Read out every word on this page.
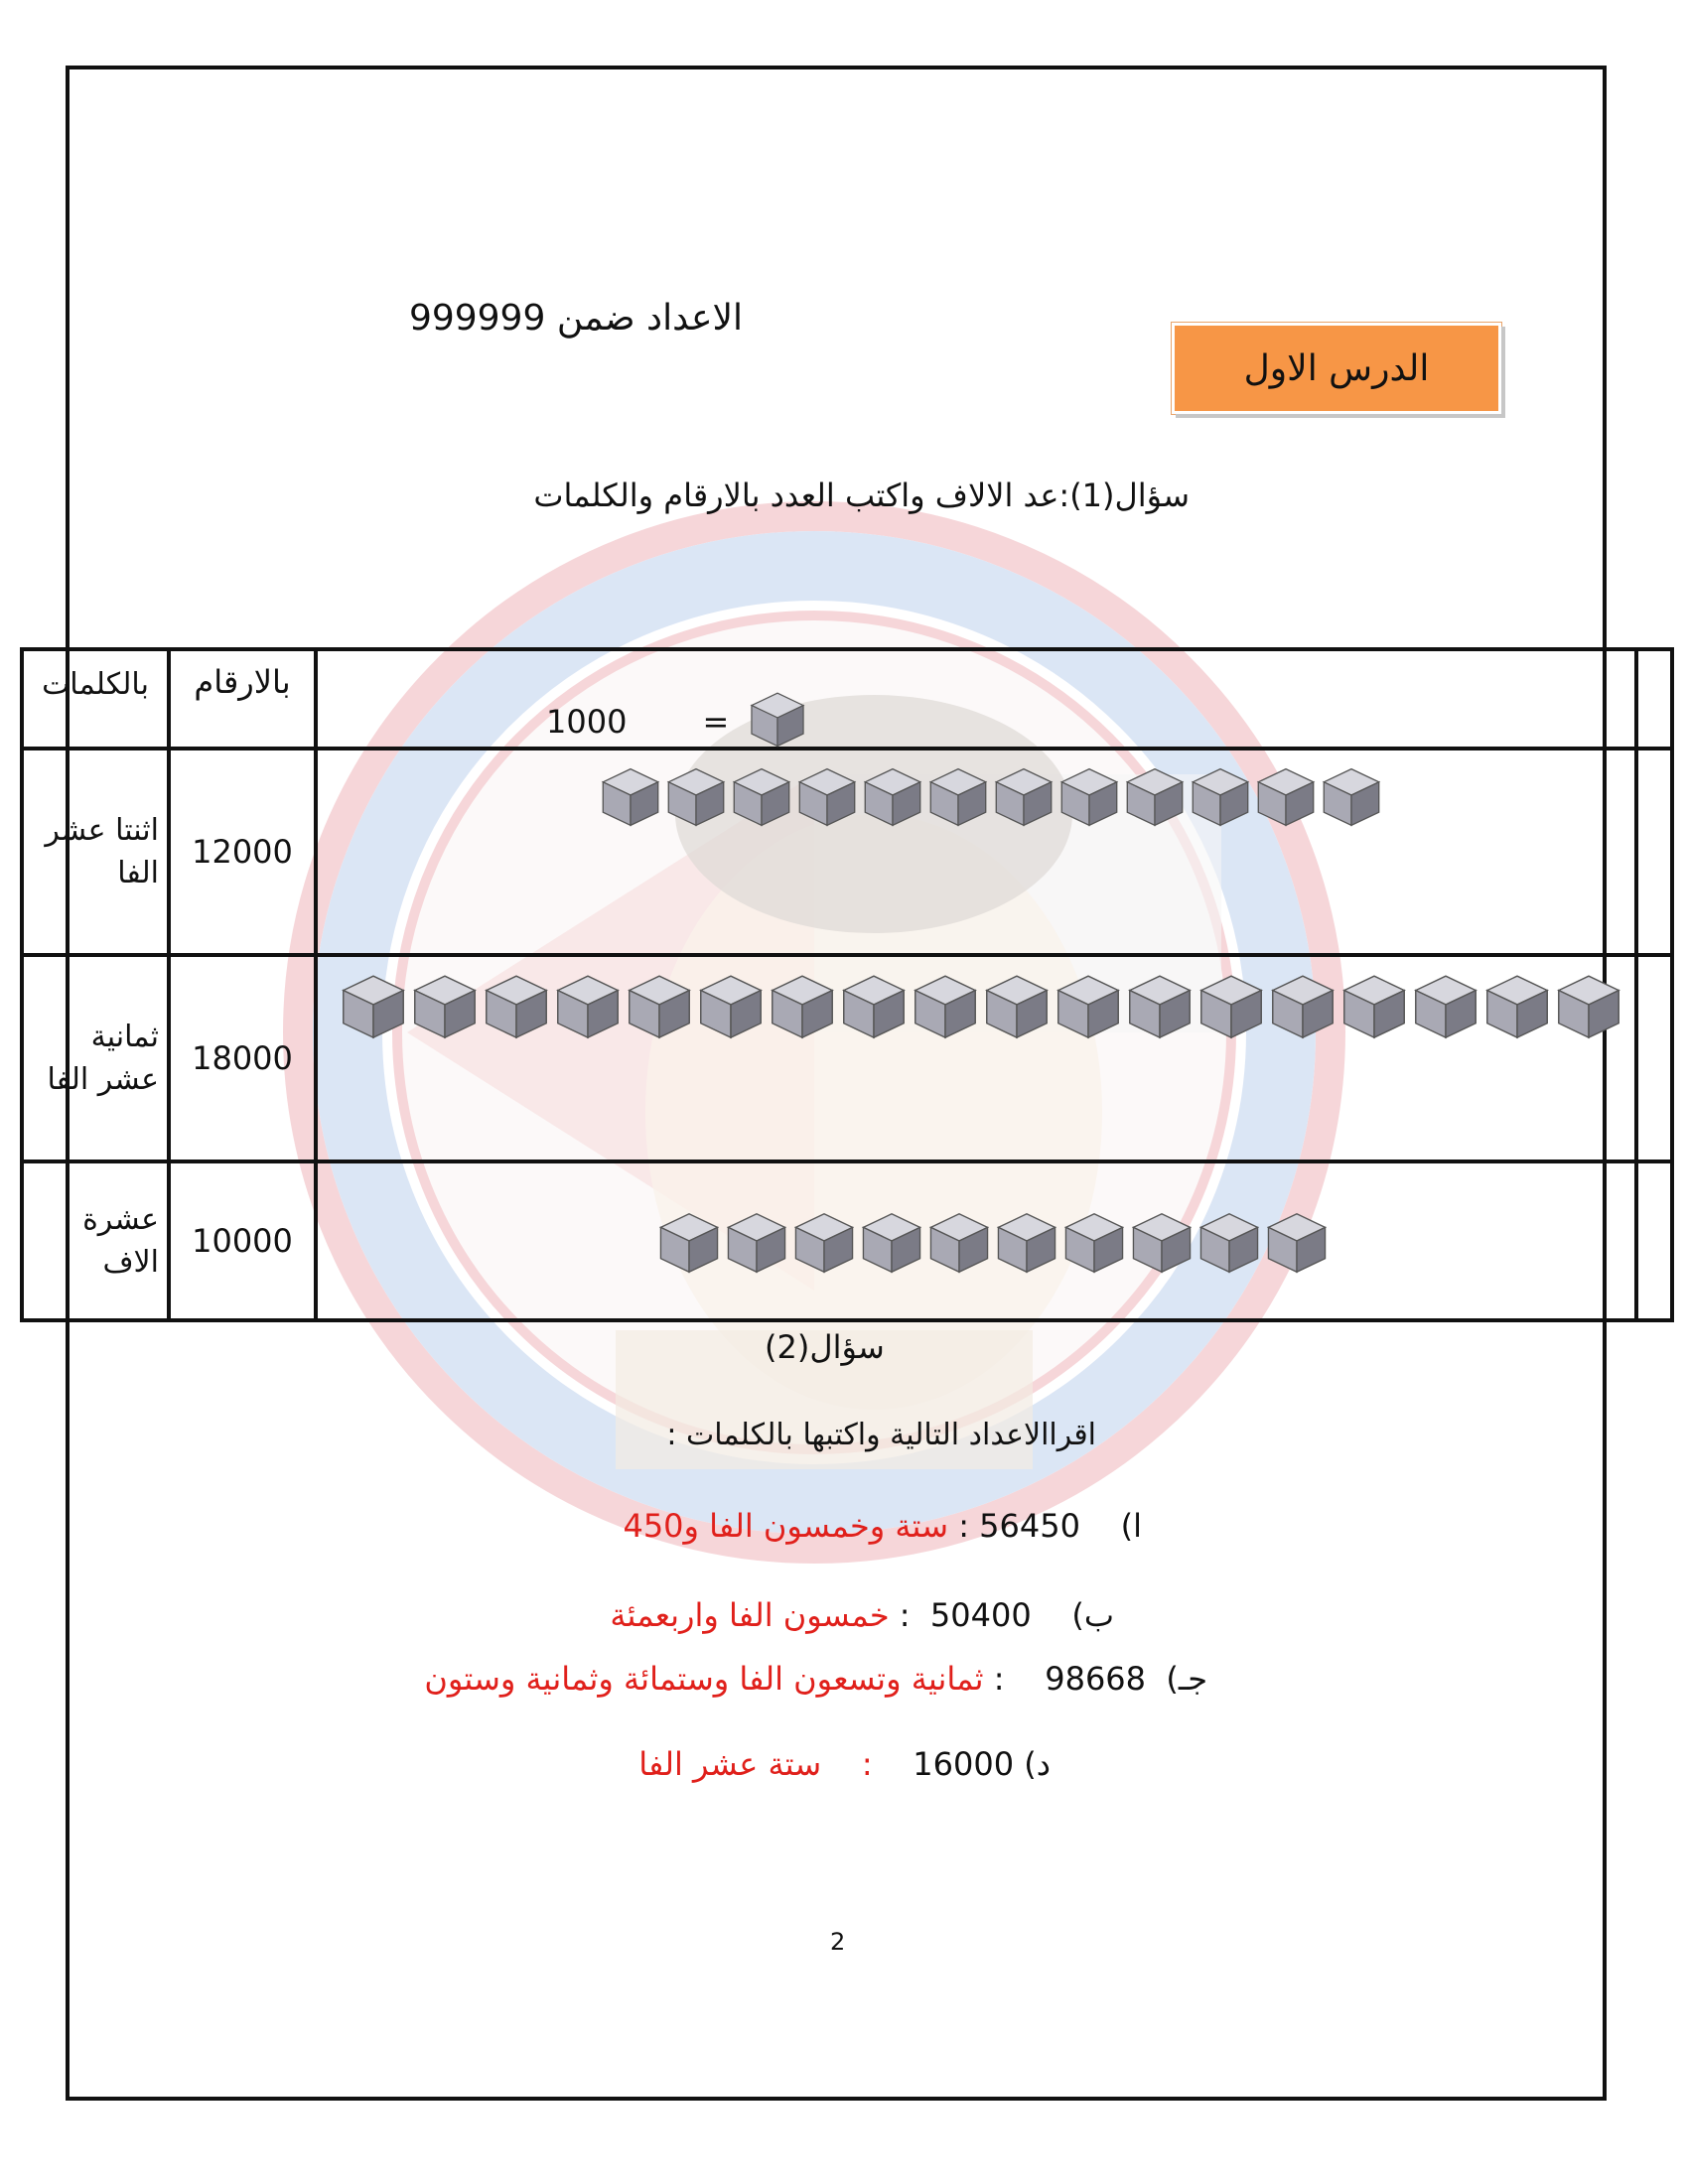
الاعداد ضمن 999999
الدرس الاول
سؤال(1):عد الالاف واكتب العدد بالارقام والكلمات
بالكلمات	بالارقام	1000 =	

اثنتا عشر الفا	12000	

ثمانية عشر الفا	18000	

عشرة الاف	10000	

سؤال(2)
اقراالاعداد التالية واكتبها بالكلمات :
ا)    56450 : ستة وخمسون الفا و450
ب)    50400  : خمسون الفا واربعمئة
جـ)  98668    : ثمانية وتسعون الفا وستمائة وثمانية وستون
د) 16000    :    ستة عشر الفا
2
